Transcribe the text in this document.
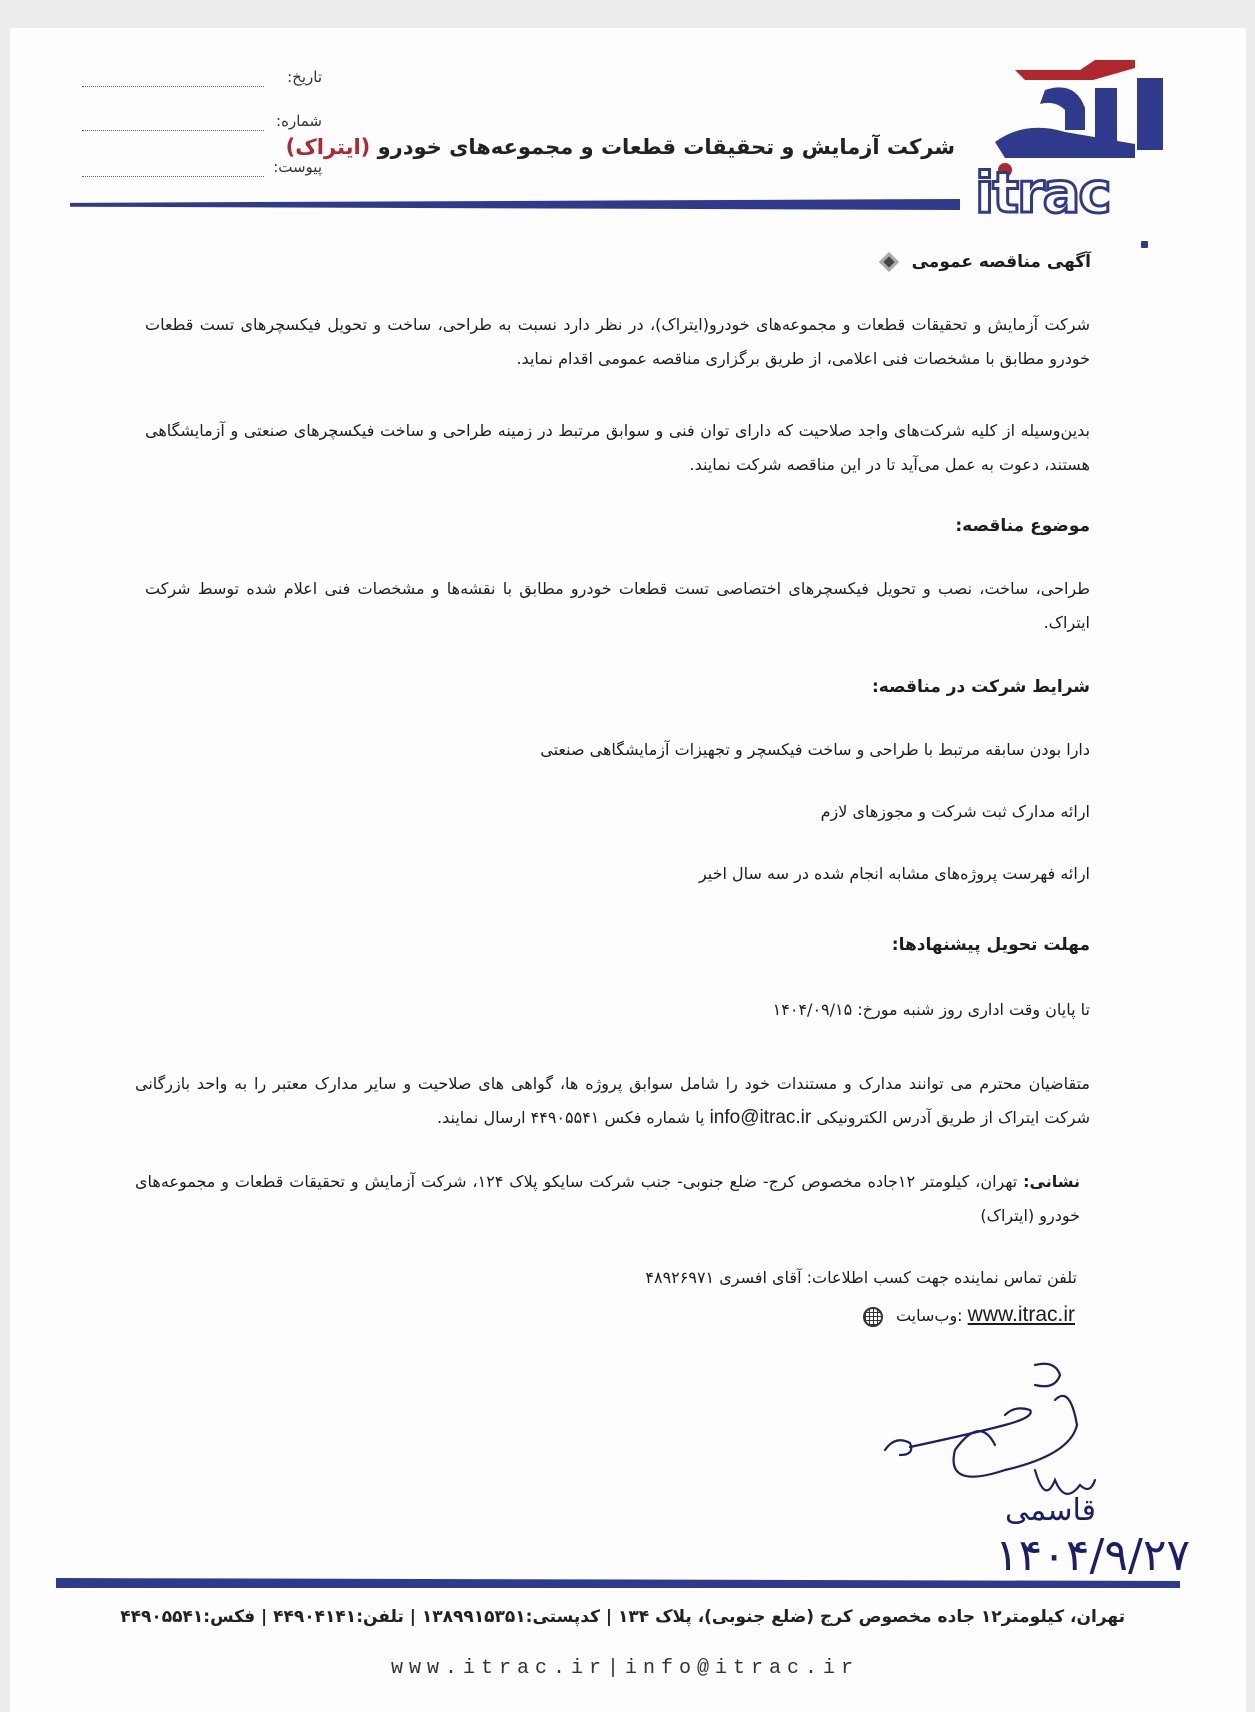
تاریخ:
شماره:
پیوست:	itrac
شرکت آزمایش و تحقیقات قطعات و مجموعه‌های خودرو (ایتراک)
آگهی مناقصه عمومی
شرکت آزمایش و تحقیقات قطعات و مجموعه‌های خودرو(ایتراک)، در نظر دارد نسبت به طراحی، ساخت و تحویل فیکسچرهای تست قطعات خودرو مطابق با مشخصات فنی اعلامی، از طریق برگزاری مناقصه عمومی اقدام نماید.
بدین‌وسیله از کلیه شرکت‌های واجد صلاحیت که دارای توان فنی و سوابق مرتبط در زمینه طراحی و ساخت فیکسچرهای صنعتی و آزمایشگاهی هستند، دعوت به عمل می‌آید تا در این مناقصه شرکت نمایند.
موضوع مناقصه:
طراحی، ساخت، نصب و تحویل فیکسچرهای اختصاصی تست قطعات خودرو مطابق با نقشه‌ها و مشخصات فنی اعلام شده توسط شرکت ایتراک.
شرایط شرکت در مناقصه:
دارا بودن سابقه مرتبط با طراحی و ساخت فیکسچر و تجهیزات آزمایشگاهی صنعتی
ارائه مدارک ثبت شرکت و مجوزهای لازم
ارائه فهرست پروژه‌های مشابه انجام شده در سه سال اخیر
مهلت تحویل پیشنهادها:
تا پایان وقت اداری روز شنبه مورخ: ۱۴۰۴/۰۹/۱۵
متقاضیان محترم می توانند مدارک و مستندات خود را شامل سوابق پروژه ها، گواهی های صلاحیت و سایر مدارک معتبر را به واحد بازرگانی شرکت ایتراک از طریق آدرس الکترونیکی info@itrac.ir یا شماره فکس ۴۴۹۰۵۵۴۱ ارسال نمایند.
نشانی: تهران، کیلومتر ۱۲جاده مخصوص کرج- ضلع جنوبی- جنب شرکت سایکو پلاک ۱۲۴، شرکت آزمایش و تحقیقات قطعات و مجموعه‌های خودرو (ایتراک)
تلفن تماس نماینده جهت کسب اطلاعات: آقای افسری ۴۸۹۲۶۹۷۱
www.itrac.ir :وب‌سایت
۱۴۰۴/۹/۲۷
قاسمی
تهران، کیلومتر۱۲ جاده مخصوص کرج (ضلع جنوبی)، پلاک ۱۳۴ | کدپستی:۱۳۸۹۹۱۵۳۵۱ | تلفن:۴۴۹۰۴۱۴۱ | فکس:۴۴۹۰۵۵۴۱
www.itrac.ir|info@itrac.ir
